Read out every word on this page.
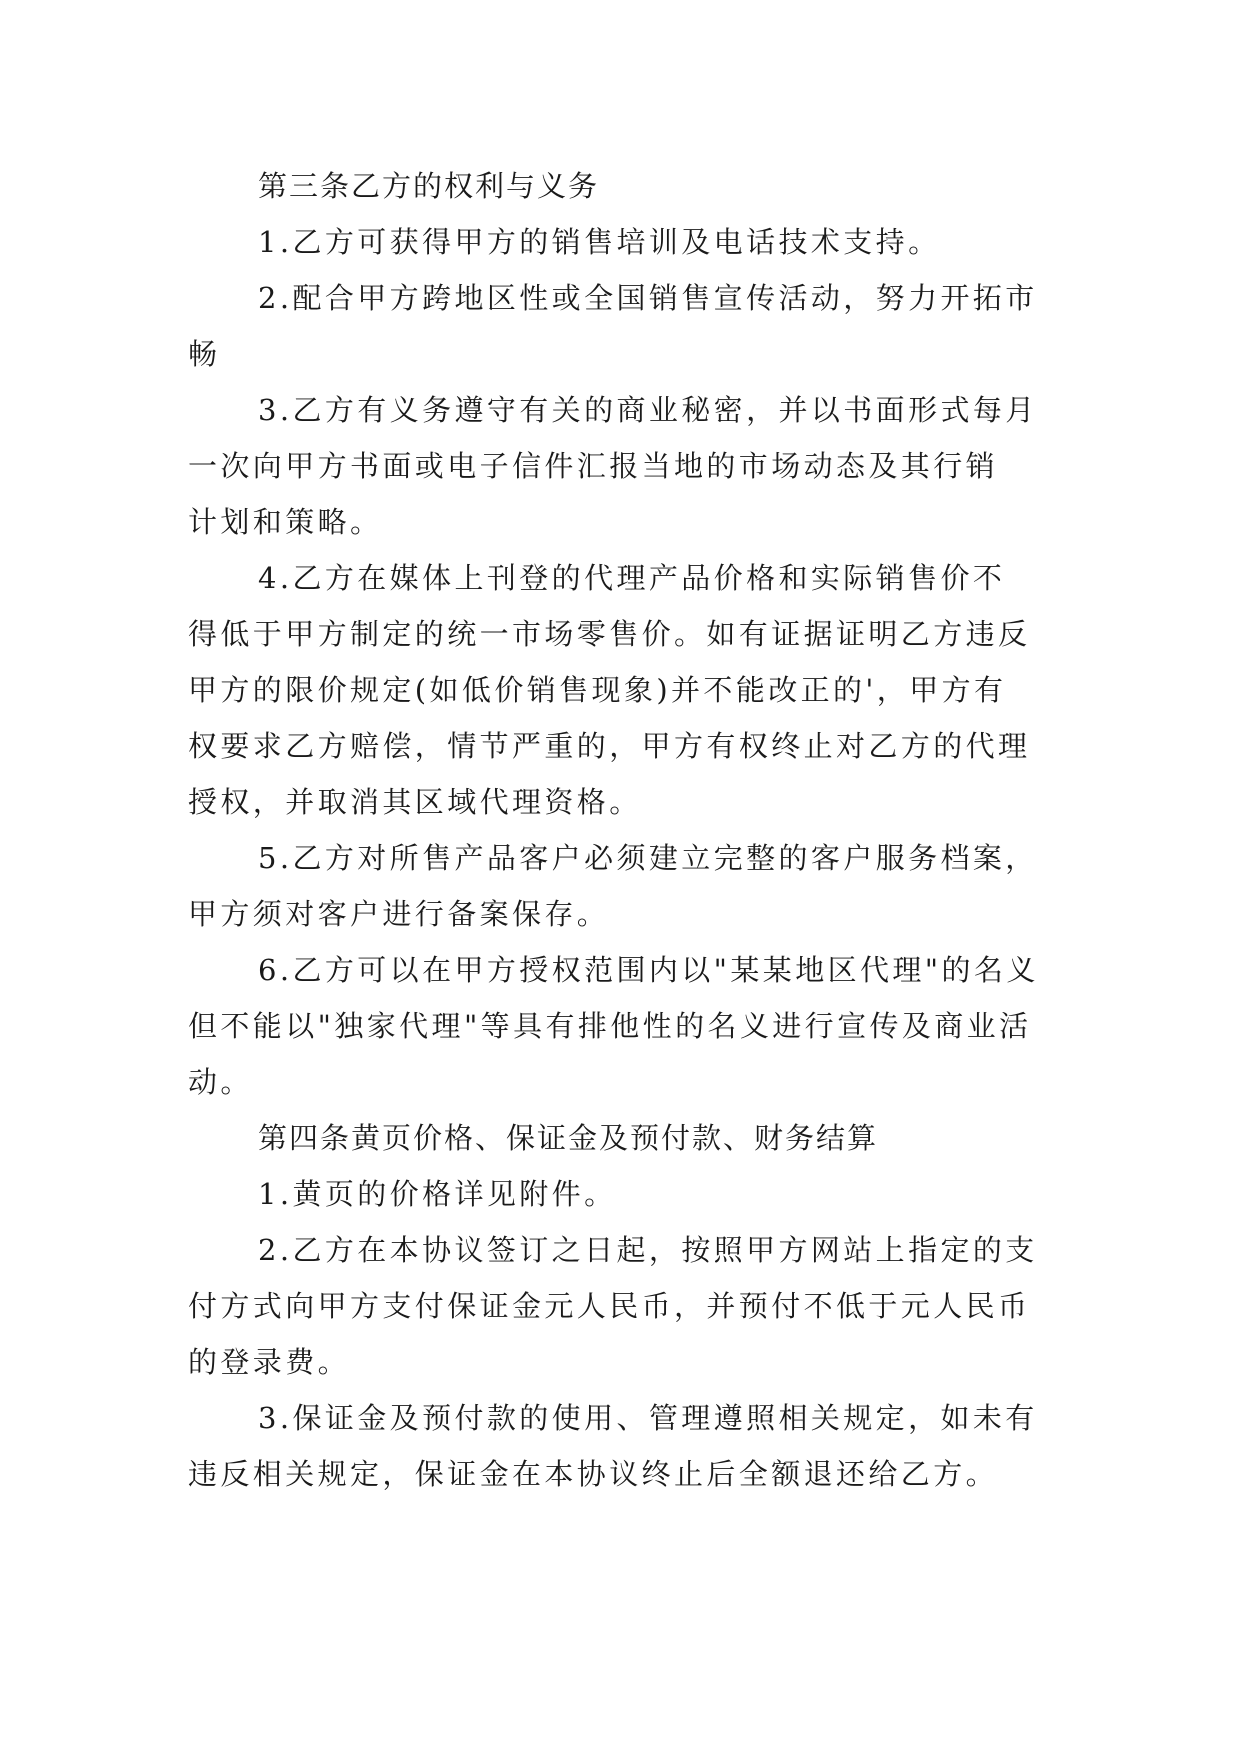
第三条乙方的权利与义务
1.乙方可获得甲方的销售培训及电话技术支持。
2.配合甲方跨地区性或全国销售宣传活动，努力开拓市
畅
3.乙方有义务遵守有关的商业秘密，并以书面形式每月
一次向甲方书面或电子信件汇报当地的市场动态及其行销
计划和策略。
4.乙方在媒体上刊登的代理产品价格和实际销售价不
得低于甲方制定的统一市场零售价。如有证据证明乙方违反
甲方的限价规定(如低价销售现象)并不能改正的'，甲方有
权要求乙方赔偿，情节严重的，甲方有权终止对乙方的代理
授权，并取消其区域代理资格。
5.乙方对所售产品客户必须建立完整的客户服务档案，
甲方须对客户进行备案保存。
6.乙方可以在甲方授权范围内以"某某地区代理"的名义
但不能以"独家代理"等具有排他性的名义进行宣传及商业活
动。
第四条黄页价格、保证金及预付款、财务结算
1.黄页的价格详见附件。
2.乙方在本协议签订之日起，按照甲方网站上指定的支
付方式向甲方支付保证金元人民币，并预付不低于元人民币
的登录费。
3.保证金及预付款的使用、管理遵照相关规定，如未有
违反相关规定，保证金在本协议终止后全额退还给乙方。
